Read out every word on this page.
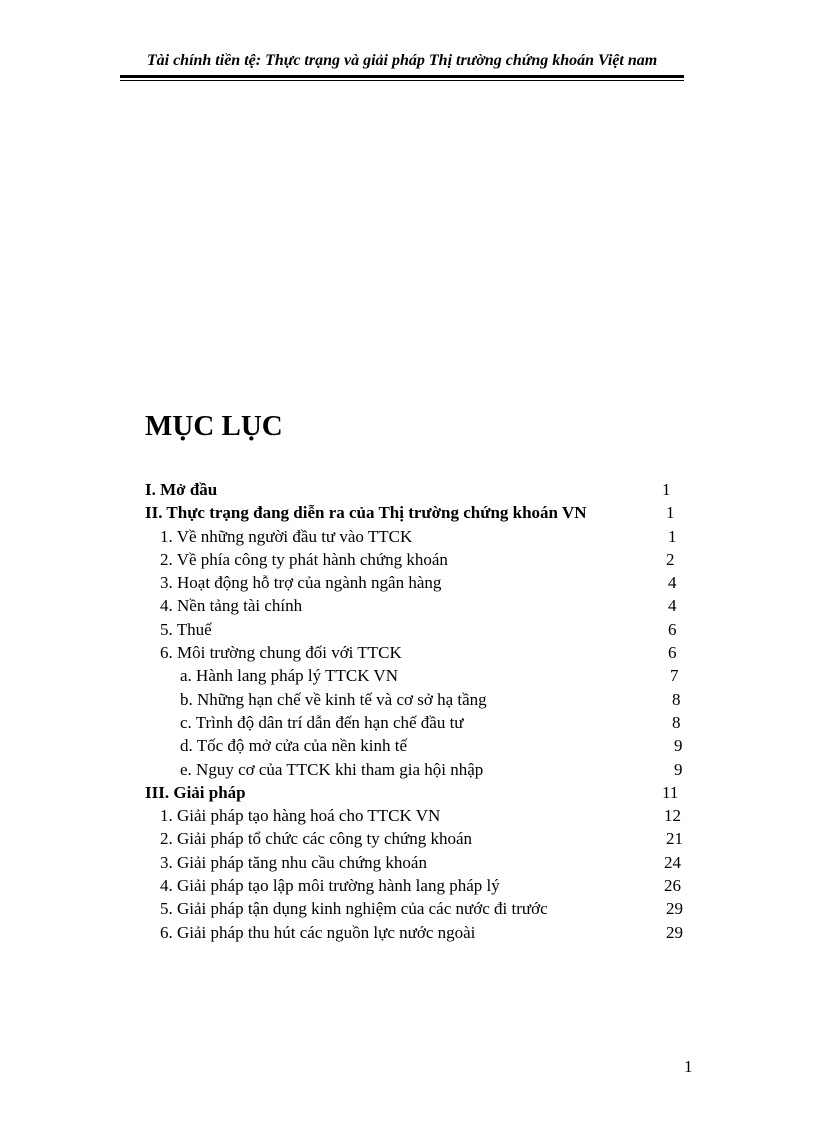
Tài chính tiền tệ: Thực trạng và giải pháp Thị trường chứng khoán Việt nam
MỤC LỤC
I. Mở đầu	1
II. Thực trạng đang diễn ra của Thị trường chứng khoán VN	1
1. Về những người đầu tư vào TTCK	1
2. Về phía công ty phát hành chứng khoán	2
3. Hoạt động hỗ trợ của ngành ngân hàng	4
4. Nền tảng tài chính	4
5. Thuế	6
6. Môi trường chung đối với TTCK	6
a. Hành lang pháp lý TTCK VN	7
b. Những hạn chế về kinh tế và cơ sở hạ tầng	8
c. Trình độ dân trí dẫn đến hạn chế đầu tư	8
d. Tốc độ mở cửa của nền kinh tế	9
e. Nguy cơ của TTCK khi tham gia hội nhập	9
III. Giải pháp	11
1. Giải pháp tạo hàng hoá cho TTCK VN	12
2. Giải pháp tổ chức các công ty chứng khoán	21
3. Giải pháp tăng nhu cầu chứng khoán	24
4. Giải pháp tạo lập môi trường hành lang pháp lý	26
5. Giải pháp tận dụng kinh nghiệm của các nước đi trước	29
6. Giải pháp thu hút các nguồn lực nước ngoài	29
1
